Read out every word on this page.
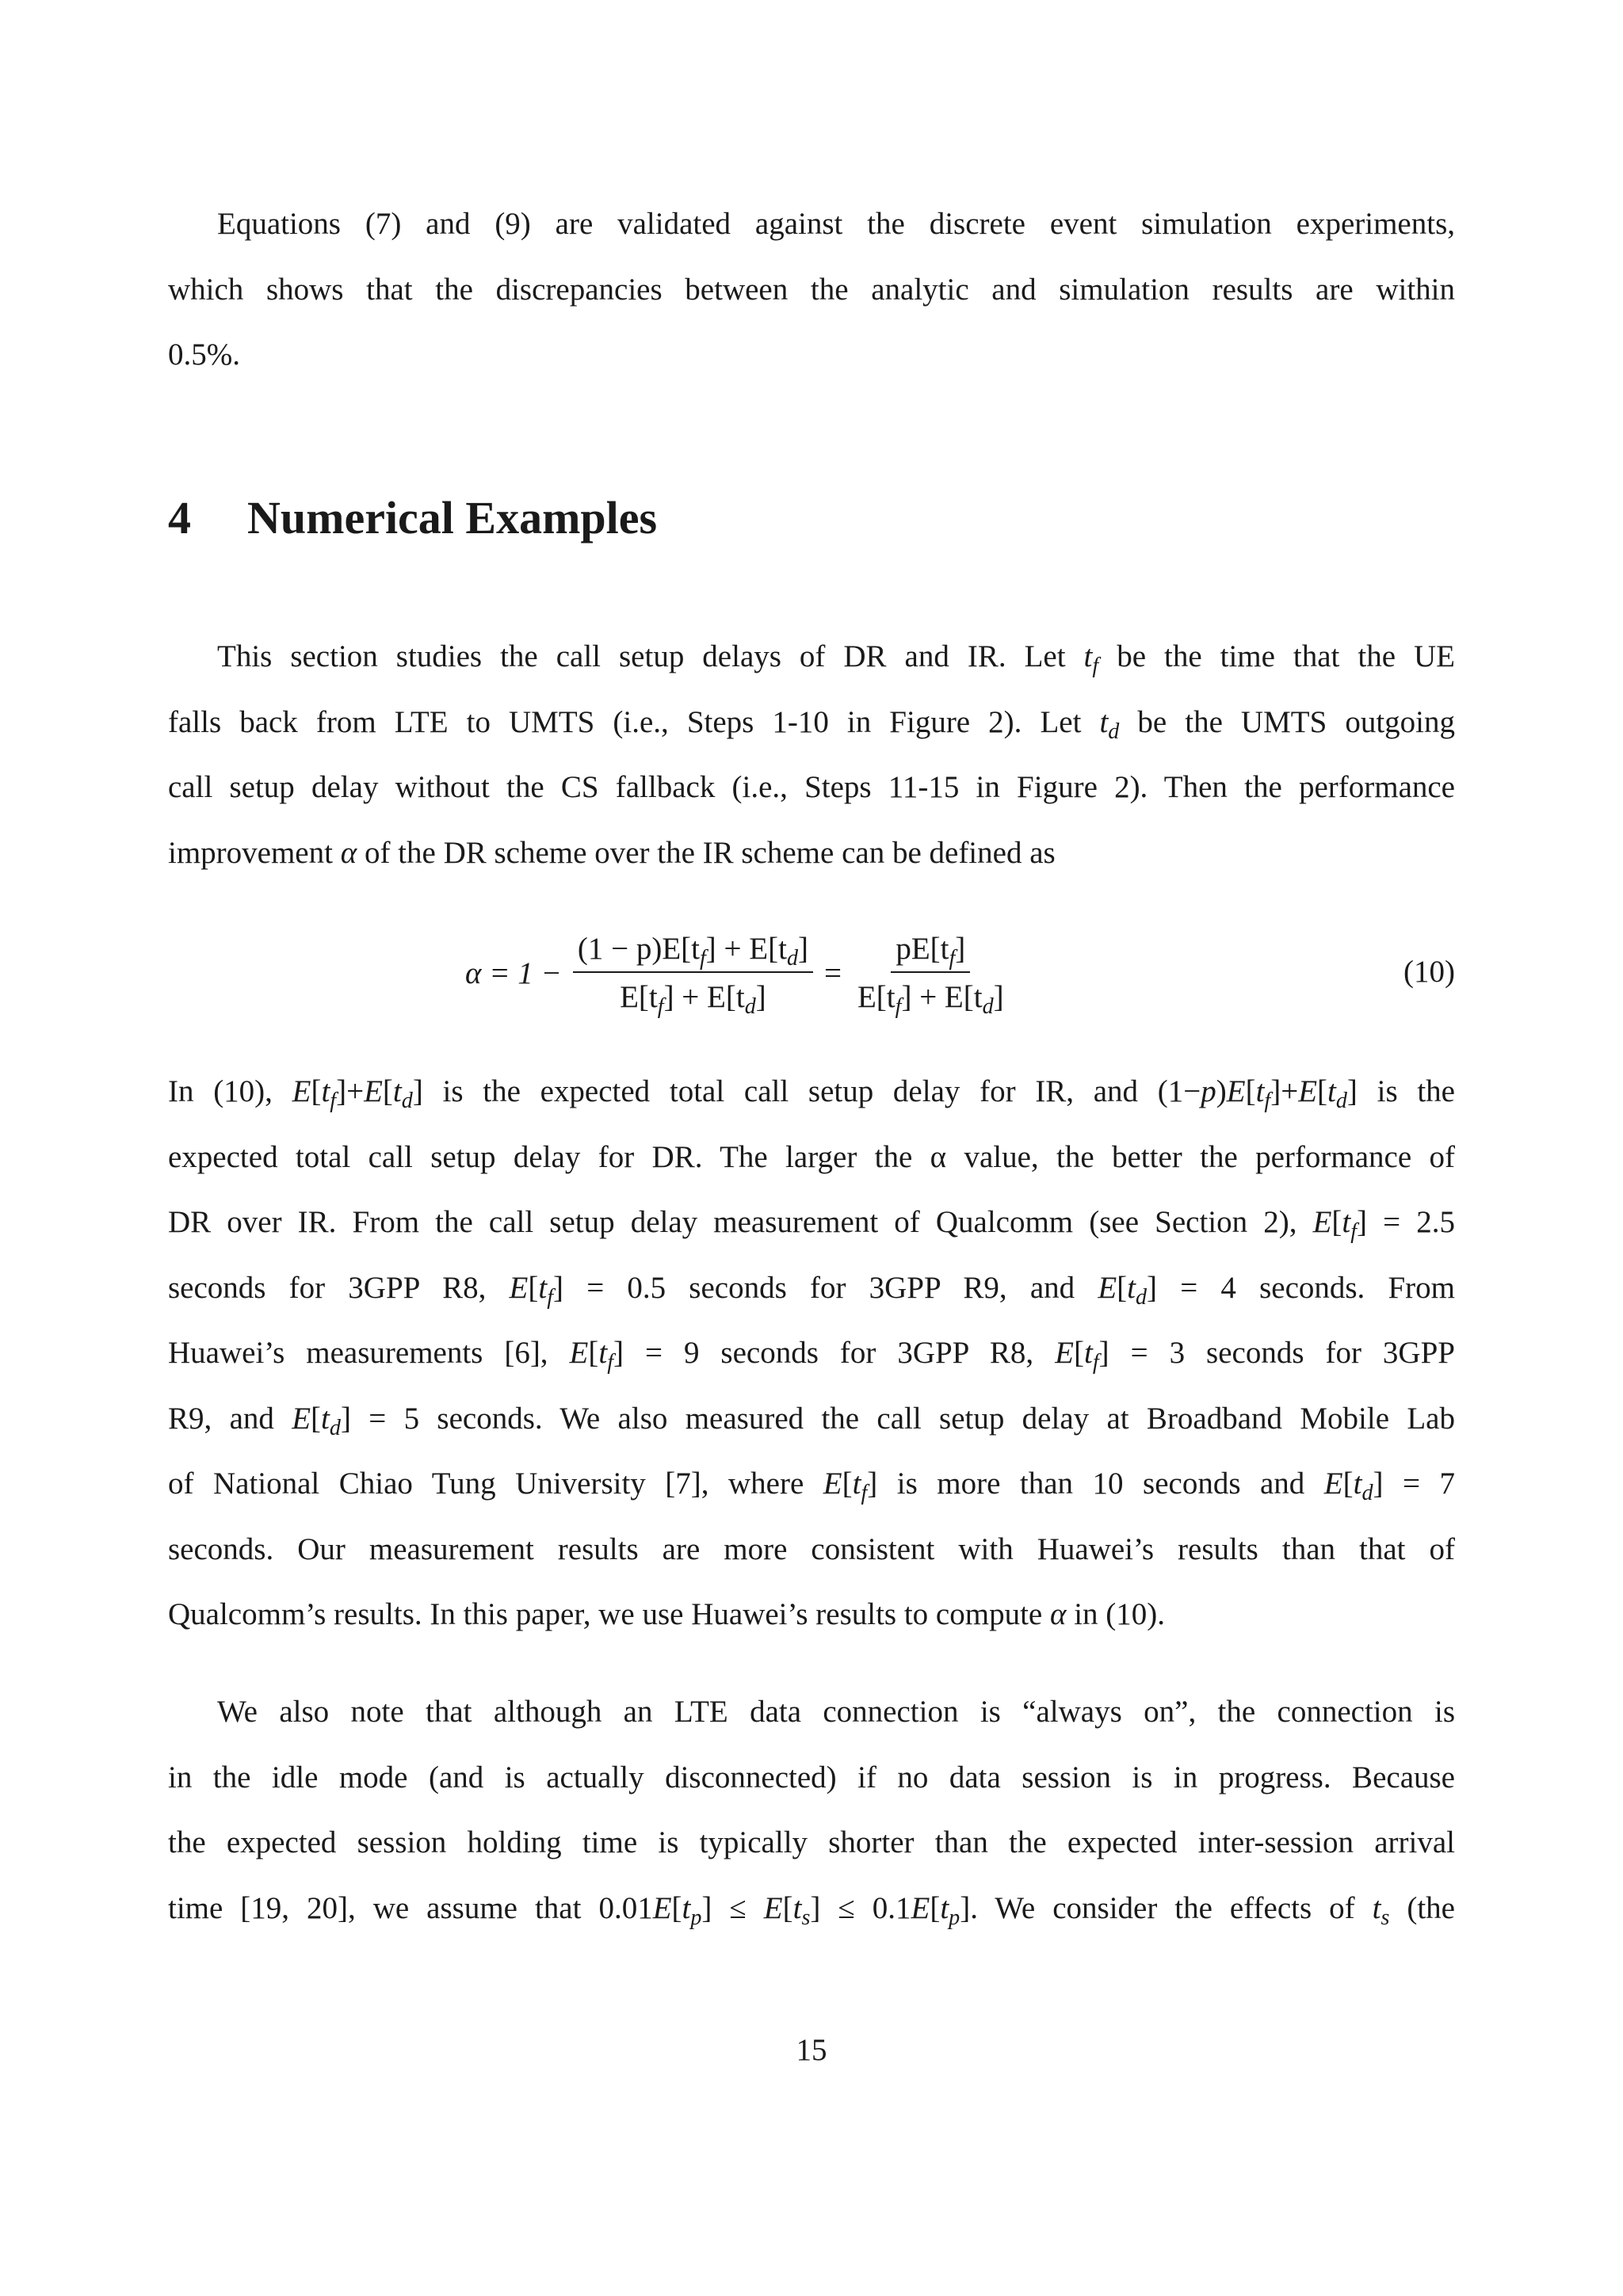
Equations (7) and (9) are validated against the discrete event simulation experiments,
which shows that the discrepancies between the analytic and simulation results are within
0.5%.
4 Numerical Examples
This section studies the call setup delays of DR and IR. Let $t_f$ be the time that the UE
falls back from LTE to UMTS (i.e., Steps 1-10 in Figure 2). Let $t_d$ be the UMTS outgoing
call setup delay without the CS fallback (i.e., Steps 11-15 in Figure 2). Then the performance
improvement α of the DR scheme over the IR scheme can be defined as
$\alpha = 1 - \frac{(1 - p)E[t_f] + E[t_d]}{E[t_f] + E[t_d]} = \frac{pE[t_f]}{E[t_f] + E[t_d]}$	(10)
In (10), $E[t_f]+E[t_d]$ is the expected total call setup delay for IR, and $(1-p)E[t_f]+E[t_d]$ is the
expected total call setup delay for DR. The larger the α value, the better the performance of
DR over IR. From the call setup delay measurement of Qualcomm (see Section 2), $E[t_f] = 2.5$
seconds for 3GPP R8, $E[t_f] = 0.5$ seconds for 3GPP R9, and $E[t_d] = 4$ seconds. From
Huawei’s measurements [6], $E[t_f] = 9$ seconds for 3GPP R8, $E[t_f] = 3$ seconds for 3GPP
R9, and $E[t_d] = 5$ seconds. We also measured the call setup delay at Broadband Mobile Lab
of National Chiao Tung University [7], where $E[t_f]$ is more than 10 seconds and $E[t_d] = 7$
seconds. Our measurement results are more consistent with Huawei’s results than that of
Qualcomm’s results. In this paper, we use Huawei’s results to compute α in (10).
We also note that although an LTE data connection is “always on”, the connection is
in the idle mode (and is actually disconnected) if no data session is in progress. Because
the expected session holding time is typically shorter than the expected inter-session arrival
time [19, 20], we assume that $0.01E[t_p] \le E[t_s] \le 0.1E[t_p]$. We consider the effects of $t_s$ (the
15
